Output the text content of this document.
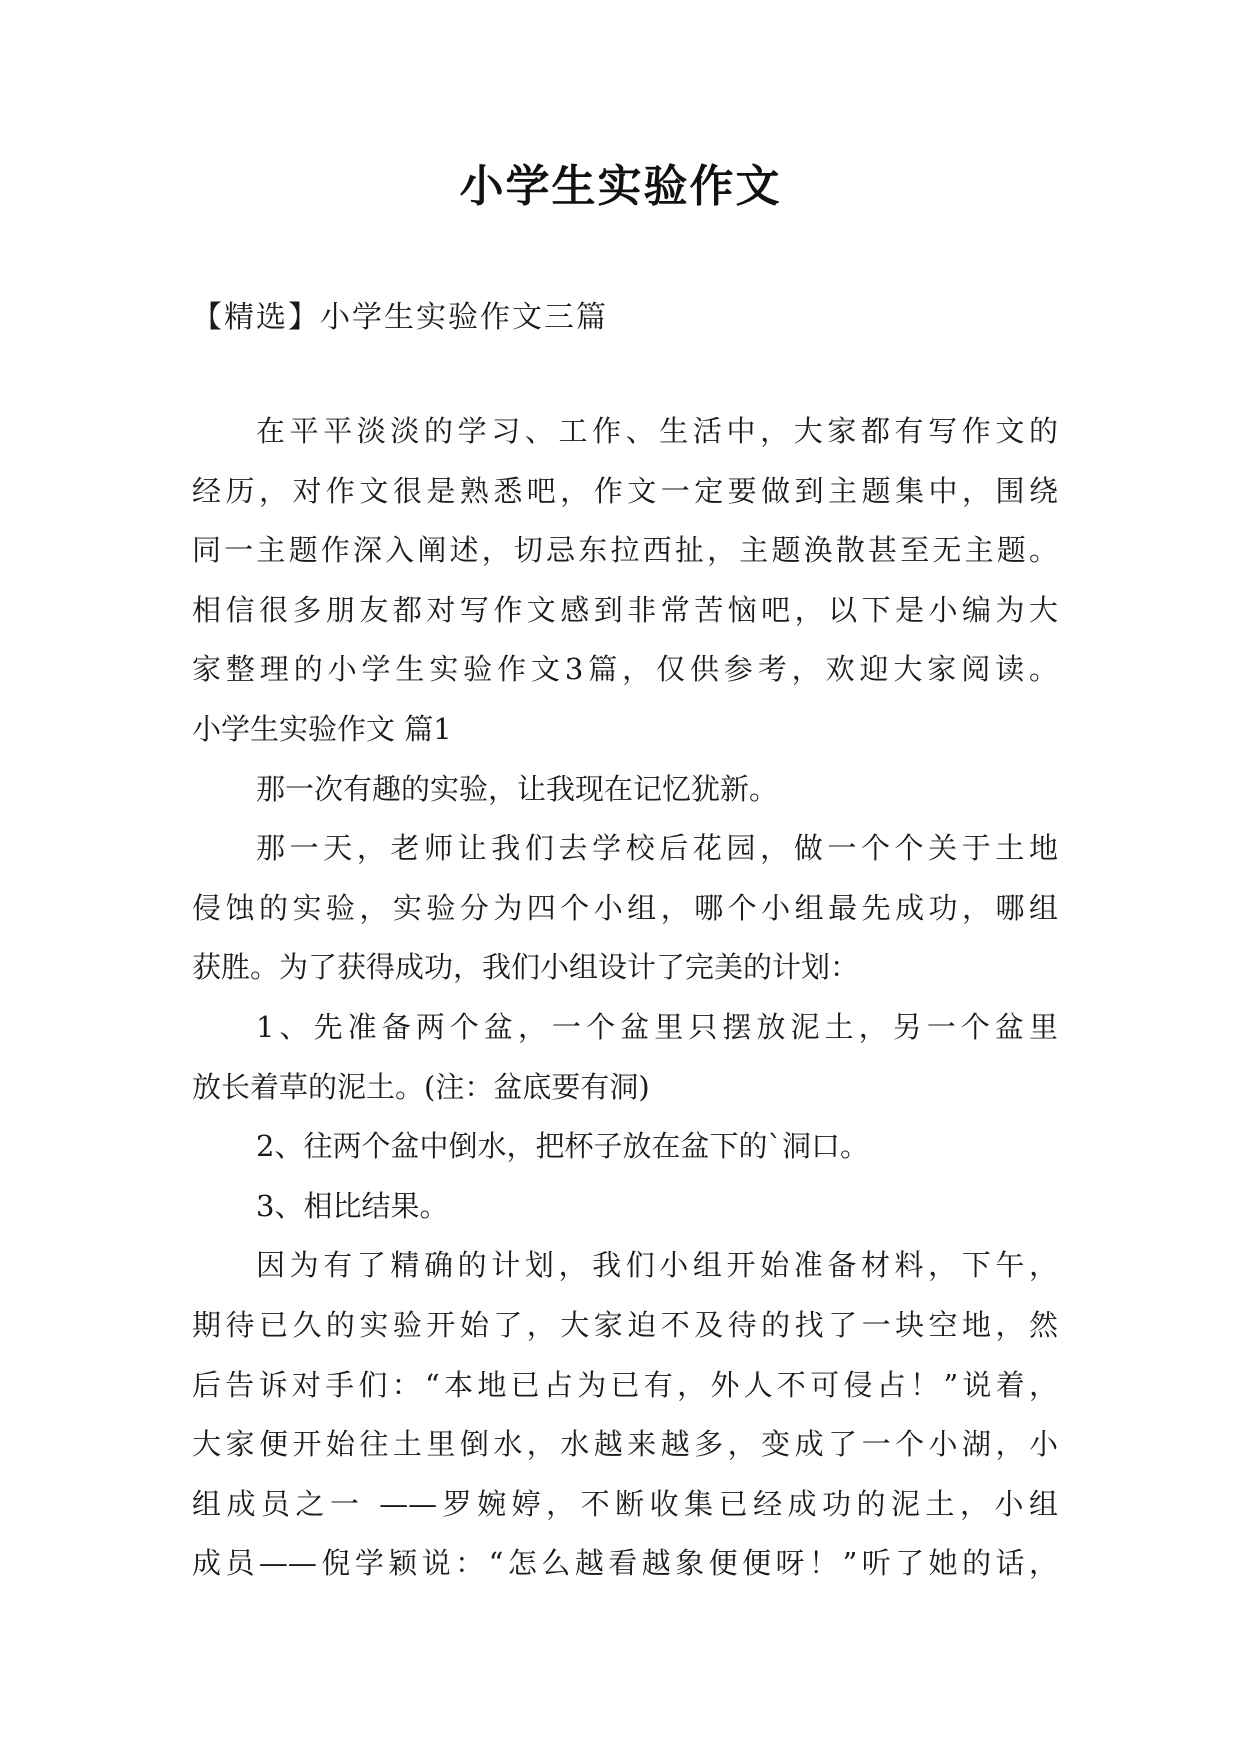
小学生实验作文
【精选】小学生实验作文三篇
在平平淡淡的学习、工作、生活中，大家都有写作文的
经历，对作文很是熟悉吧，作文一定要做到主题集中，围绕
同一主题作深入阐述，切忌东拉西扯，主题涣散甚至无主题。
相信很多朋友都对写作文感到非常苦恼吧，以下是小编为大
家整理的小学生实验作文3篇，仅供参考，欢迎大家阅读。
小学生实验作文 篇1
那一次有趣的实验，让我现在记忆犹新。
那一天，老师让我们去学校后花园，做一个个关于土地
侵蚀的实验，实验分为四个小组，哪个小组最先成功，哪组
获胜。为了获得成功，我们小组设计了完美的计划：
1、先准备两个盆，一个盆里只摆放泥土，另一个盆里
放长着草的泥土。(注：盆底要有洞)
2、往两个盆中倒水，把杯子放在盆下的`洞口。
3、相比结果。
因为有了精确的计划，我们小组开始准备材料，下午，
期待已久的实验开始了，大家迫不及待的找了一块空地，然
后告诉对手们：“本地已占为已有，外人不可侵占！”说着，
大家便开始往土里倒水，水越来越多，变成了一个小湖，小
组成员之一 ——罗婉婷，不断收集已经成功的泥土，小组
成员——倪学颖说：“怎么越看越象便便呀！”听了她的话，
